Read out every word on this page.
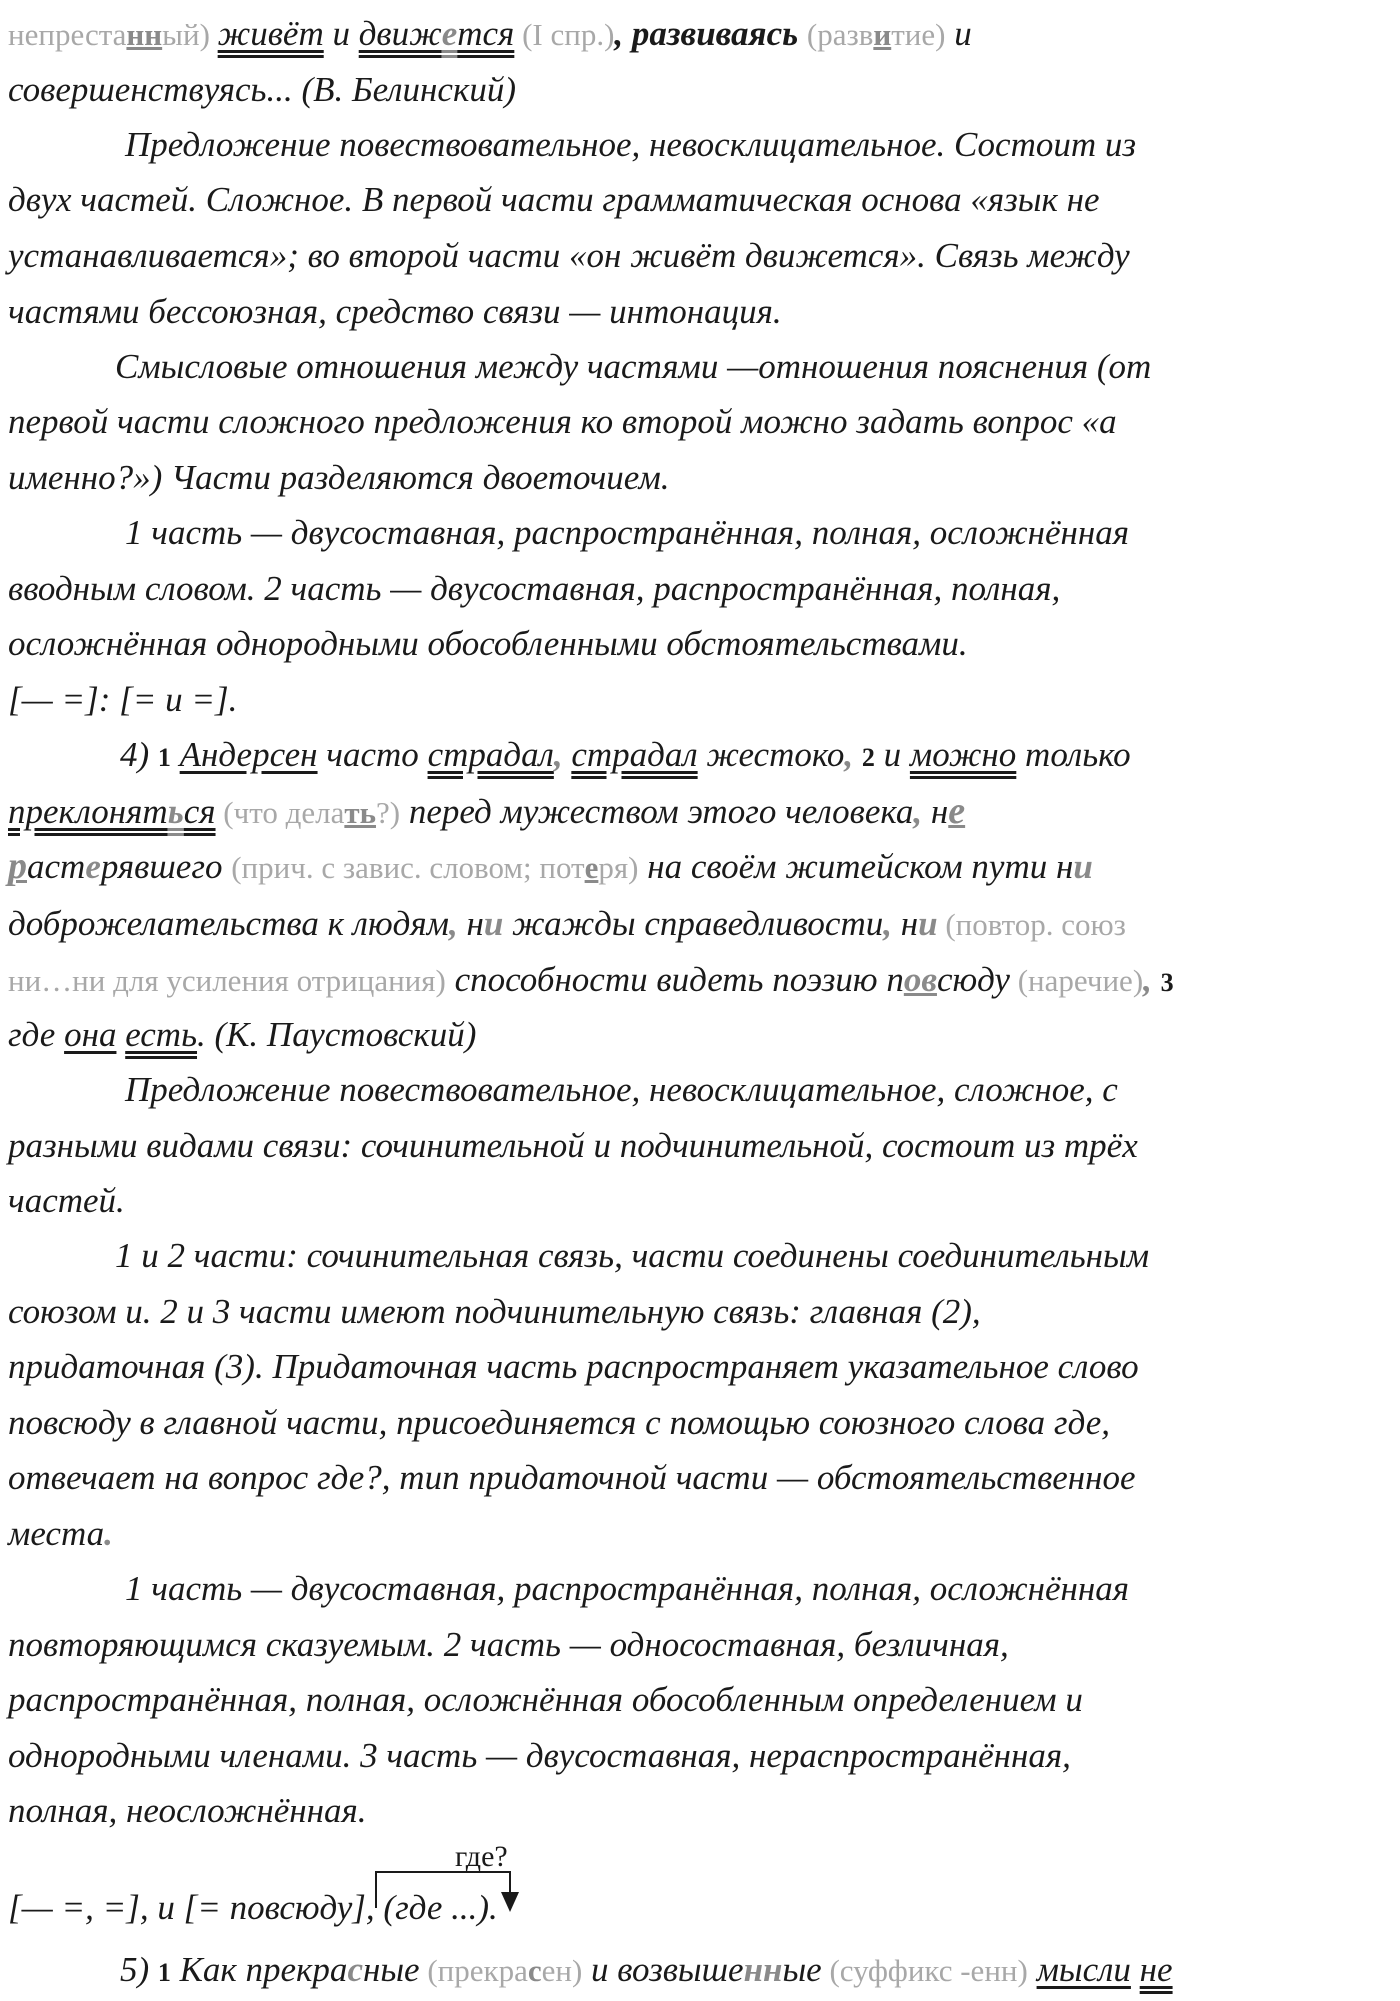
непрестанный) живёт и движется (I спр.), развиваясь (развитие) и
совершенствуясь... (В. Белинский)
Предложение повествовательное, невосклицательное. Состоит из
двух частей. Сложное. В первой части грамматическая основа «язык не
устанавливается»; во второй части «он живёт движется». Связь между
частями бессоюзная, средство связи — интонация.
Смысловые отношения между частями —отношения пояснения (от
первой части сложного предложения ко второй можно задать вопрос «а
именно?») Части разделяются двоеточием.
1 часть — двусоставная, распространённая, полная, осложнённая
вводным словом. 2 часть — двусоставная, распространённая, полная,
осложнённая однородными обособленными обстоятельствами.
[— =]: [= и =].
4) 1 Андерсен часто страдал, страдал жестоко, 2 и можно только
преклоняться (что делать?) перед мужеством этого человека, не
растерявшего (прич. с завис. словом; потеря) на своём житейском пути ни
доброжелательства к людям, ни жажды справедливости, ни (повтор. союз
ни…ни для усиления отрицания) способности видеть поэзию повсюду (наречие), 3
где она есть. (К. Паустовский)
Предложение повествовательное, невосклицательное, сложное, с
разными видами связи: сочинительной и подчинительной, состоит из трёх
частей.
1 и 2 части: сочинительная связь, части соединены соединительным
союзом и. 2 и 3 части имеют подчинительную связь: главная (2),
придаточная (3). Придаточная часть распространяет указательное слово
повсюду в главной части, присоединяется с помощью союзного слова где,
отвечает на вопрос где?, тип придаточной части — обстоятельственное
места.
1 часть — двусоставная, распространённая, полная, осложнённая
повторяющимся сказуемым. 2 часть — односоставная, безличная,
распространённая, полная, осложнённая обособленным определением и
однородными членами. 3 часть — двусоставная, нераспространённая,
полная, неосложнённая.
где?
[— =, =], и [= повсюду], (где ...).
5) 1 Как прекрасные (прекрасен) и возвышенные (суффикс -енн) мысли не
